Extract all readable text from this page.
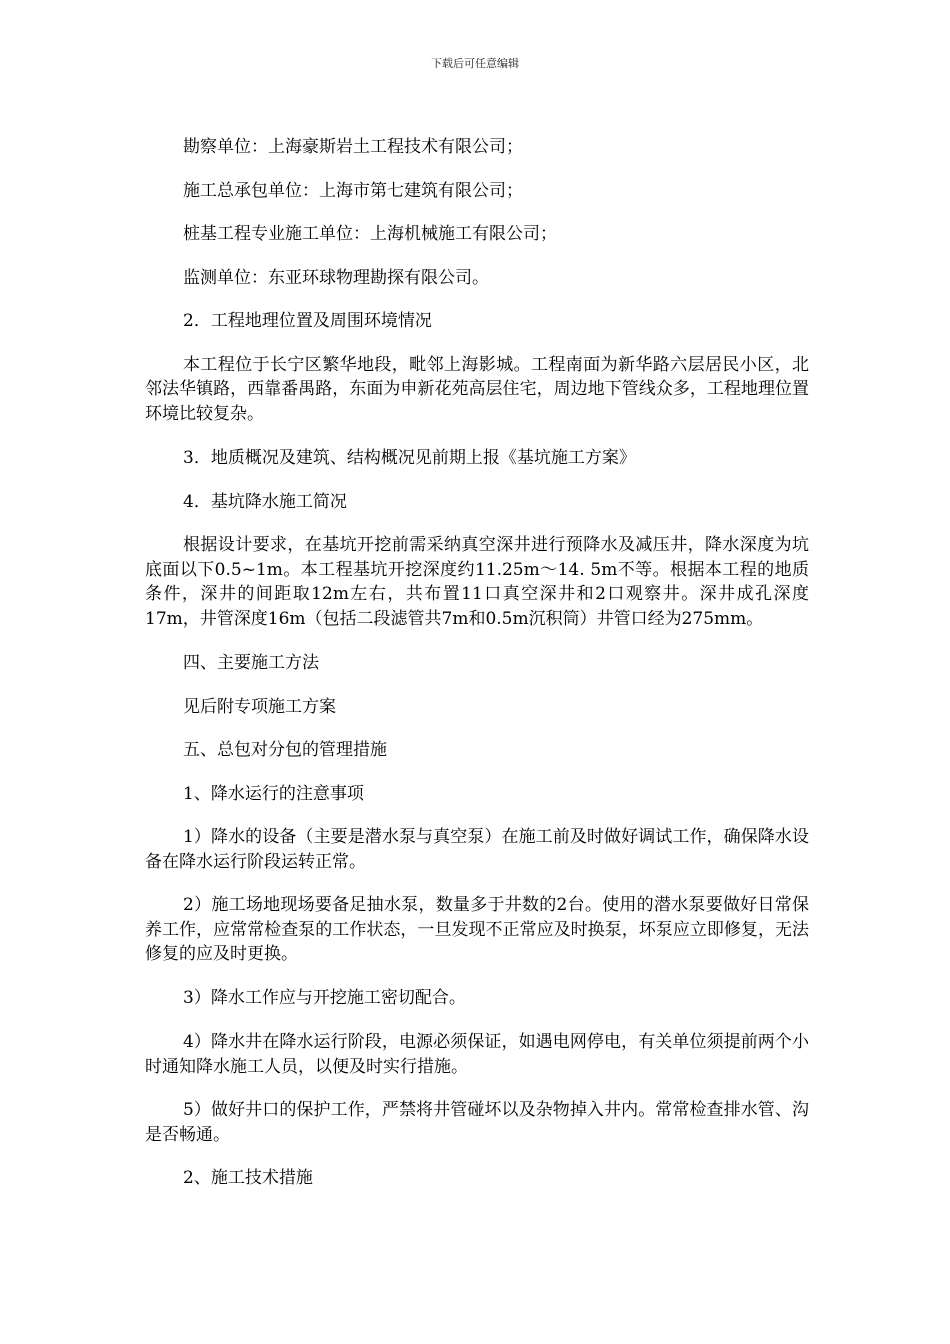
下载后可任意编辑

勘察单位：上海豪斯岩土工程技术有限公司；

施工总承包单位：上海市第七建筑有限公司；

桩基工程专业施工单位：上海机械施工有限公司；

监测单位：东亚环球物理勘探有限公司。

2．工程地理位置及周围环境情况

本工程位于长宁区繁华地段，毗邻上海影城。工程南面为新华路六层居民小区，北邻法华镇路，西靠番禺路，东面为申新花苑高层住宅，周边地下管线众多，工程地理位置环境比较复杂。

3．地质概况及建筑、结构概况见前期上报《基坑施工方案》

4．基坑降水施工简况

根据设计要求，在基坑开挖前需采纳真空深井进行预降水及减压井，降水深度为坑底面以下0.5~1m。本工程基坑开挖深度约11.25m～14. 5m不等。根据本工程的地质条件，深井的间距取12m左右，共布置11口真空深井和2口观察井。深井成孔深度17m，井管深度16m（包括二段滤管共7m和0.5m沉积筒）井管口经为275mm。

四、主要施工方法

见后附专项施工方案

五、总包对分包的管理措施

1、降水运行的注意事项

1）降水的设备（主要是潜水泵与真空泵）在施工前及时做好调试工作，确保降水设备在降水运行阶段运转正常。

2）施工场地现场要备足抽水泵，数量多于井数的2台。使用的潜水泵要做好日常保养工作，应常常检查泵的工作状态，一旦发现不正常应及时换泵，坏泵应立即修复，无法修复的应及时更换。

3）降水工作应与开挖施工密切配合。

4）降水井在降水运行阶段，电源必须保证，如遇电网停电，有关单位须提前两个小时通知降水施工人员，以便及时实行措施。

5）做好井口的保护工作，严禁将井管碰坏以及杂物掉入井内。常常检查排水管、沟是否畅通。

2、施工技术措施
